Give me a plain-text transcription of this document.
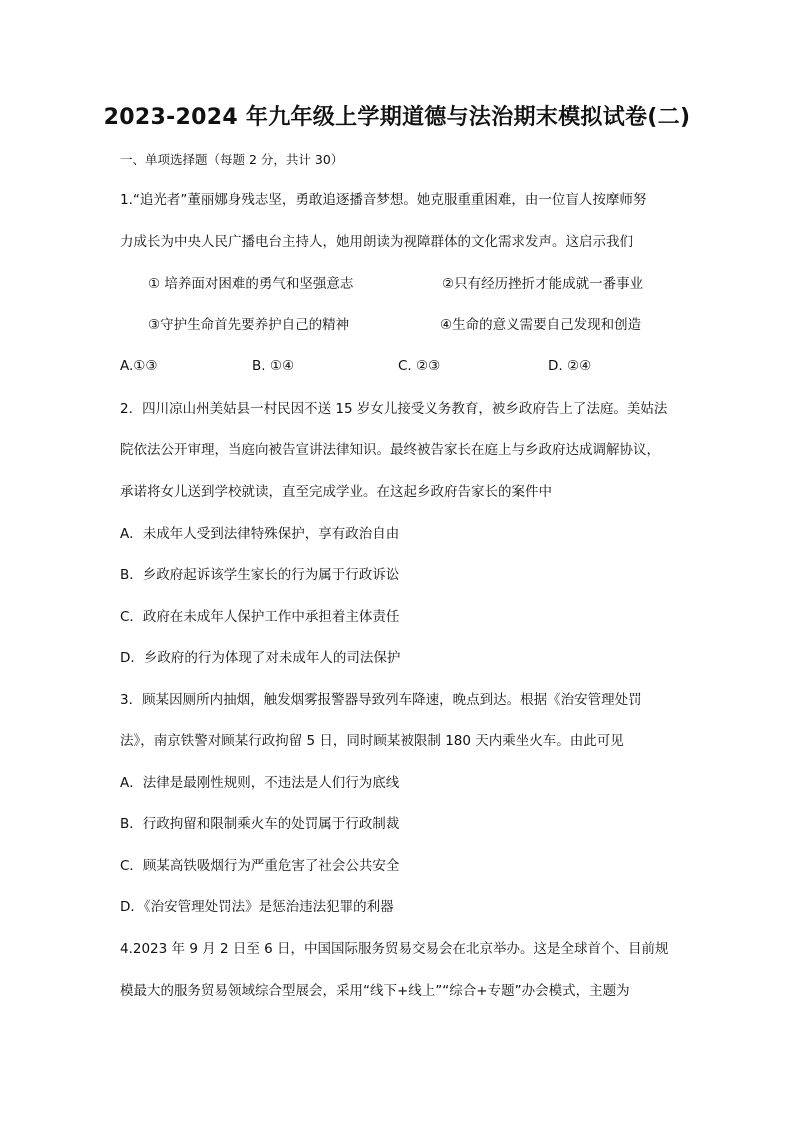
2023-2024 年九年级上学期道德与法治期末模拟试卷(二)
一、单项选择题（每题 2 分，共计 30）
1.“追光者”董丽娜身残志坚，勇敢追逐播音梦想。她克服重重困难，由一位盲人按摩师努
力成长为中央人民广播电台主持人，她用朗读为视障群体的文化需求发声。这启示我们
① 培养面对困难的勇气和坚强意志	②只有经历挫折才能成就一番事业
③守护生命首先要养护自己的精神	④生命的意义需要自己发现和创造
A.①③	B. ①④	C. ②③	D. ②④
2．四川凉山州美姑县一村民因不送 15 岁女儿接受义务教育，被乡政府告上了法庭。美姑法
院依法公开审理，当庭向被告宣讲法律知识。最终被告家长在庭上与乡政府达成调解协议，
承诺将女儿送到学校就读，直至完成学业。在这起乡政府告家长的案件中
A．未成年人受到法律特殊保护，享有政治自由
B．乡政府起诉该学生家长的行为属于行政诉讼
C．政府在未成年人保护工作中承担着主体责任
D．乡政府的行为体现了对未成年人的司法保护
3．顾某因厕所内抽烟，触发烟雾报警器导致列车降速，晚点到达。根据《治安管理处罚
法》，南京铁警对顾某行政拘留 5 日，同时顾某被限制 180 天内乘坐火车。由此可见
A．法律是最刚性规则，不违法是人们行为底线
B．行政拘留和限制乘火车的处罚属于行政制裁
C．顾某高铁吸烟行为严重危害了社会公共安全
D．《治安管理处罚法》是惩治违法犯罪的利器
4.2023 年 9 月 2 日至 6 日，中国国际服务贸易交易会在北京举办。这是全球首个、目前规
模最大的服务贸易领域综合型展会，采用“线下+线上”“综合+专题”办会模式，主题为
